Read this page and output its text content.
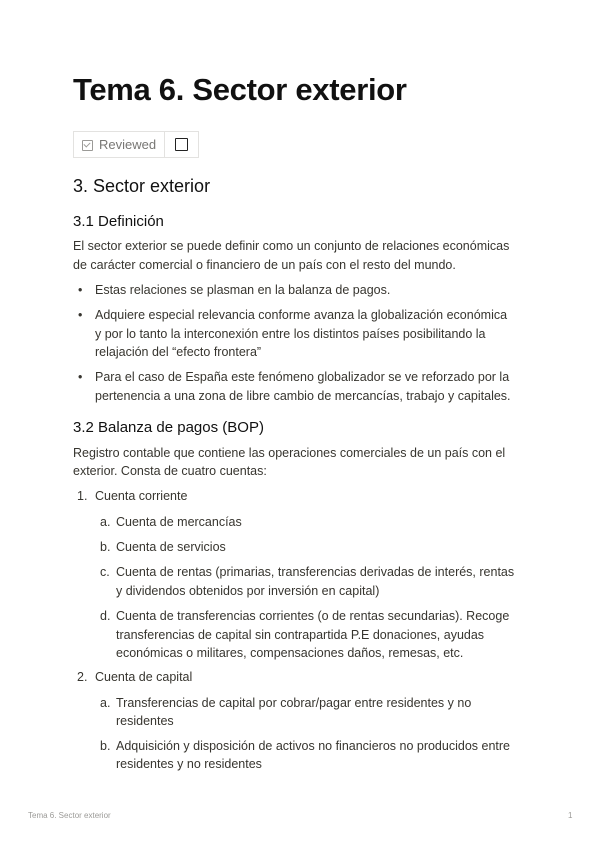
Tema 6. Sector exterior
Reviewed
3. Sector exterior
3.1 Definición
El sector exterior se puede definir como un conjunto de relaciones económicas
de carácter comercial o financiero de un país con el resto del mundo.
• Estas relaciones se plasman en la balanza de pagos.
• Adquiere especial relevancia conforme avanza la globalización económica
y por lo tanto la interconexión entre los distintos países posibilitando la
relajación del “efecto frontera”
• Para el caso de España este fenómeno globalizador se ve reforzado por la
pertenencia a una zona de libre cambio de mercancías, trabajo y capitales.
3.2 Balanza de pagos (BOP)
Registro contable que contiene las operaciones comerciales de un país con el
exterior. Consta de cuatro cuentas:
1. Cuenta corriente
a. Cuenta de mercancías
b. Cuenta de servicios
c. Cuenta de rentas (primarias, transferencias derivadas de interés, rentas
y dividendos obtenidos por inversión en capital)
d. Cuenta de transferencias corrientes (o de rentas secundarias). Recoge
transferencias de capital sin contrapartida P.E donaciones, ayudas
económicas o militares, compensaciones daños, remesas, etc.
2. Cuenta de capital
a. Transferencias de capital por cobrar/pagar entre residentes y no
residentes
b. Adquisición y disposición de activos no financieros no producidos entre
residentes y no residentes
Tema 6. Sector exterior	1
